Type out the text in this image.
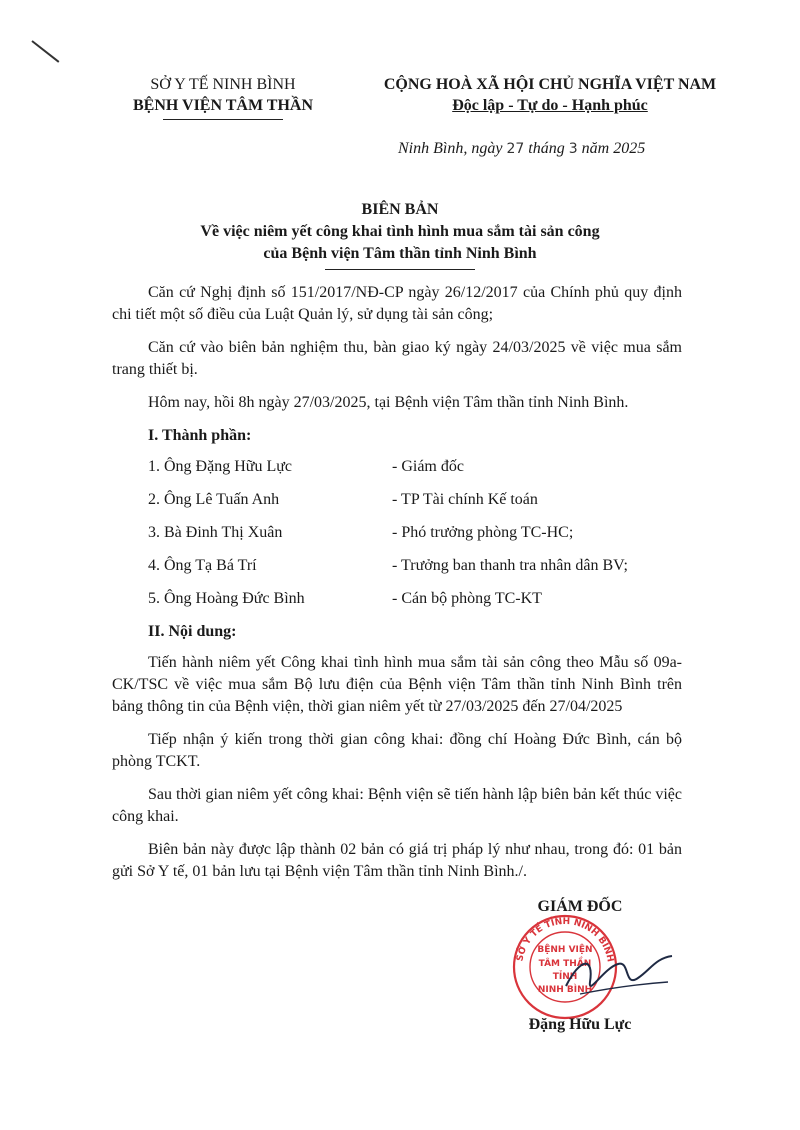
SỞ Y TẾ NINH BÌNH
BỆNH VIỆN TÂM THẦN
CỘNG HOÀ XÃ HỘI CHỦ NGHĨA VIỆT NAM
Độc lập - Tự do - Hạnh phúc
Ninh Bình, ngày 27 tháng 3 năm 2025
BIÊN BẢN
Về việc niêm yết công khai tình hình mua sắm tài sản công
của Bệnh viện Tâm thần tỉnh Ninh Bình

Căn cứ Nghị định số 151/2017/NĐ-CP ngày 26/12/2017 của Chính phủ quy định chi tiết một số điều của Luật Quản lý, sử dụng tài sản công;

Căn cứ vào biên bản nghiệm thu, bàn giao ký ngày 24/03/2025 về việc mua sắm trang thiết bị.

Hôm nay, hồi 8h ngày 27/03/2025, tại Bệnh viện Tâm thần tỉnh Ninh Bình.

I. Thành phần:
1. Ông Đặng Hữu Lực	- Giám đốc
2. Ông Lê Tuấn Anh	- TP Tài chính Kế toán
3. Bà Đinh Thị Xuân	- Phó trưởng phòng TC-HC;
4. Ông Tạ Bá Trí	- Trưởng ban thanh tra nhân dân BV;
5. Ông Hoàng Đức Bình	- Cán bộ phòng TC-KT
II. Nội dung:

Tiến hành niêm yết Công khai tình hình mua sắm tài sản công theo Mẫu số 09a-CK/TSC về việc mua sắm Bộ lưu điện của Bệnh viện Tâm thần tỉnh Ninh Bình trên bảng thông tin của Bệnh viện, thời gian niêm yết từ 27/03/2025 đến 27/04/2025

Tiếp nhận ý kiến trong thời gian công khai: đồng chí Hoàng Đức Bình, cán bộ phòng TCKT.

Sau thời gian niêm yết công khai: Bệnh viện sẽ tiến hành lập biên bản kết thúc việc công khai.

Biên bản này được lập thành 02 bản có giá trị pháp lý như nhau, trong đó: 01 bản gửi Sở Y tế, 01 bản lưu tại Bệnh viện Tâm thần tỉnh Ninh Bình./.

GIÁM ĐỐC
SỞ Y TẾ TỈNH NINH BÌNH
BỆNH VIỆN
TÂM THẦN
TỈNH
NINH BÌNH
Đặng Hữu Lực
